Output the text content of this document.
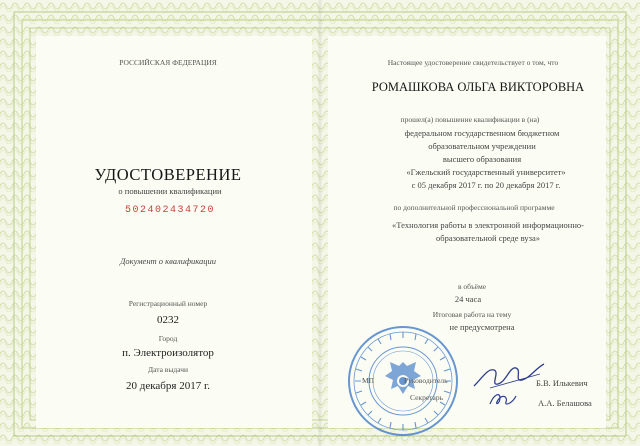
РОССИЙСКАЯ ФЕДЕРАЦИЯ
УДОСТОВЕРЕНИЕ
о повышении квалификации
502402434720
Документ о квалификации
Регистрационный номер
0232
Город
п. Электроизолятор
Дата выдачи
20 декабря 2017 г.
Настоящее удостоверение свидетельствует о том, что
РОМАШКОВА ОЛЬГА ВИКТОРОВНА
прошел(а) повышение квалификации в (на)
федеральном государственном бюджетном
образовательном учреждении
высшего образования
«Гжельский государственный университет»
с 05 декабря 2017 г. по 20 декабря 2017 г.
по дополнительной профессиональной программе
«Технология работы в электронной информационно-
образовательной среде вуза»
в объёме
24 часа
Итоговая работа на тему
не предусмотрена
МП	Руководитель
Секретарь
Б.В. Илькевич
А.А. Белашова
